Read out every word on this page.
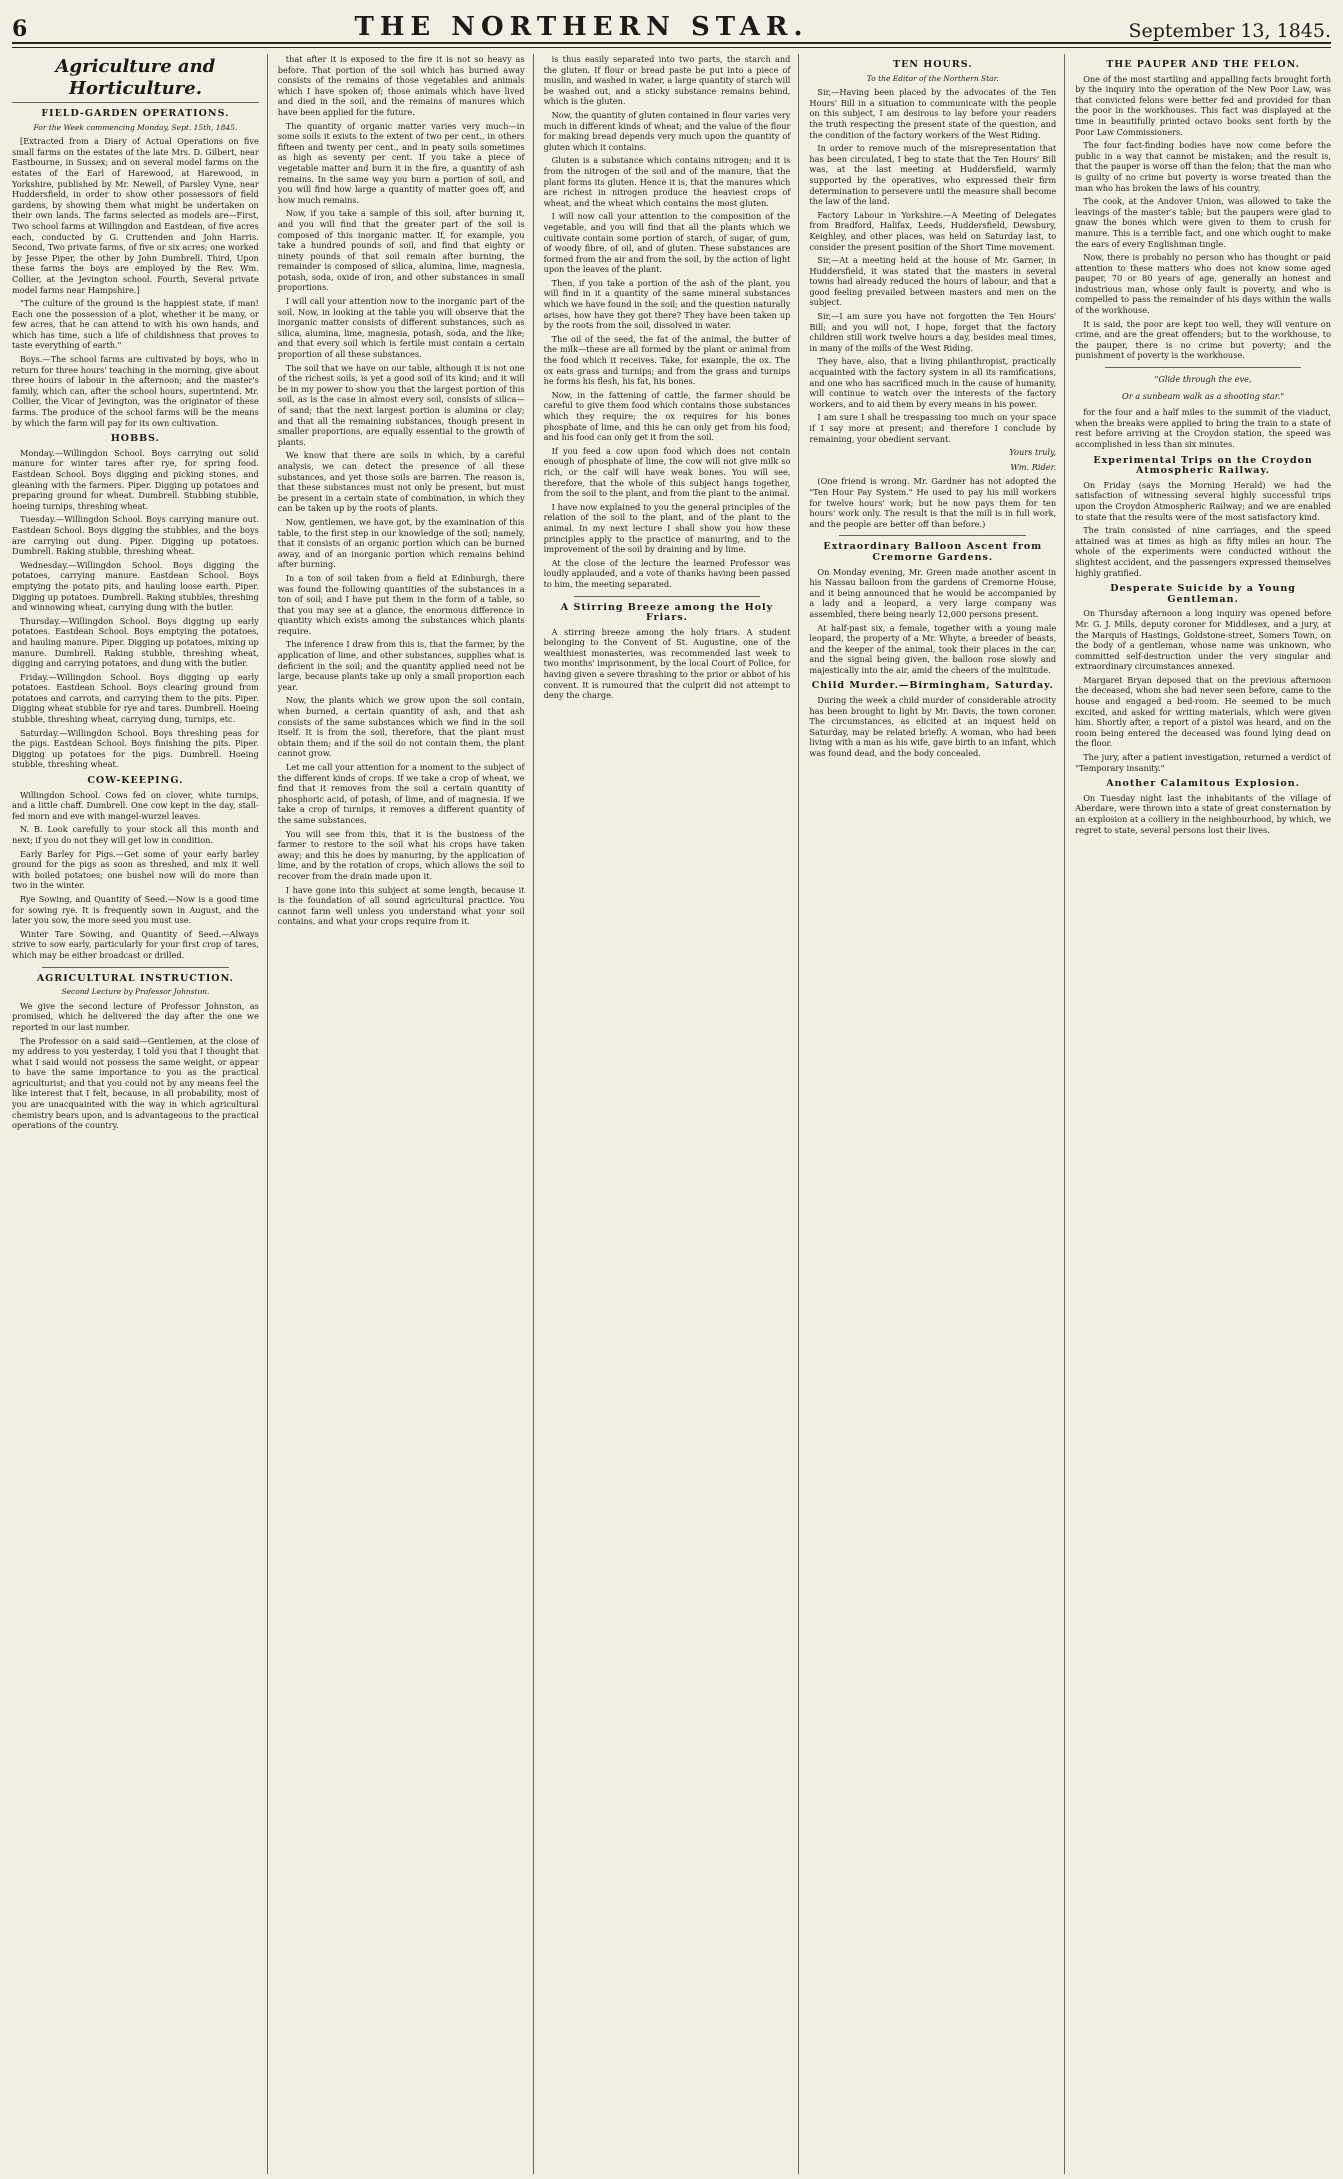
6	THE NORTHERN STAR.	September 13, 1845.
Agriculture and Horticulture.
FIELD-GARDEN OPERATIONS.
For the Week commencing Monday, Sept. 15th, 1845.

[Extracted from a Diary of Actual Operations on five small farms on the estates of the late Mrs. D. Gilbert, near Eastbourne, in Sussex; and on several model farms on the estates of the Earl of Harewood, at Harewood, in Yorkshire, published by Mr. Newell, of Parsley Vyne, near Huddersfield, in order to show other possessors of field gardens, by showing them what might be undertaken on their own lands. The farms selected as models are—First, Two school farms at Willingdon and Eastdean, of five acres each, conducted by G. Cruttenden and John Harris. Second, Two private farms, of five or six acres; one worked by Jesse Piper, the other by John Dumbrell. Third, Upon these farms the boys are employed by the Rev. Wm. Collier, at the Jevington school. Fourth, Several private model farms near Hampshire.]

"The culture of the ground is the happiest state, if man! Each one the possession of a plot, whether it be many, or few acres, that he can attend to with his own hands, and which has time, such a life of childishness that proves to taste everything of earth."

Boys.—The school farms are cultivated by boys, who in return for three hours' teaching in the morning, give about three hours of labour in the afternoon; and the master's family, which can, after the school hours, superintend. Mr. Collier, the Vicar of Jevington, was the originator of these farms. The produce of the school farms will be the means by which the farm will pay for its own cultivation.

HOBBS.

Monday.—Willingdon School. Boys carrying out solid manure for winter tares after rye, for spring food. Eastdean School. Boys digging and picking stones, and gleaning with the farmers. Piper. Digging up potatoes and preparing ground for wheat. Dumbrell. Stubbing stubble, hoeing turnips, threshing wheat.

Tuesday.—Willingdon School. Boys carrying manure out. Eastdean School. Boys digging the stubbles, and the boys are carrying out dung. Piper. Digging up potatoes. Dumbrell. Raking stubble, threshing wheat.

Wednesday.—Willingdon School. Boys digging the potatoes, carrying manure. Eastdean School. Boys emptying the potato pits, and hauling loose earth. Piper. Digging up potatoes. Dumbrell. Raking stubbles, threshing and winnowing wheat, carrying dung with the butler.

Thursday.—Willingdon School. Boys digging up early potatoes. Eastdean School. Boys emptying the potatoes, and hauling manure. Piper. Digging up potatoes, mixing up manure. Dumbrell. Raking stubble, threshing wheat, digging and carrying potatoes, and dung with the butler.

Friday.—Willingdon School. Boys digging up early potatoes. Eastdean School. Boys clearing ground from potatoes and carrots, and carrying them to the pits. Piper. Digging wheat stubble for rye and tares. Dumbrell. Hoeing stubble, threshing wheat, carrying dung, turnips, etc.

Saturday.—Willingdon School. Boys threshing peas for the pigs. Eastdean School. Boys finishing the pits. Piper. Digging up potatoes for the pigs. Dumbrell. Hoeing stubble, threshing wheat.

COW-KEEPING.

Willingdon School. Cows fed on clover, white turnips, and a little chaff. Dumbrell. One cow kept in the day, stall-fed morn and eve with mangel-wurzel leaves.

N. B. Look carefully to your stock all this month and next; if you do not they will get low in condition.

Early Barley for Pigs.—Get some of your early barley ground for the pigs as soon as threshed, and mix it well with boiled potatoes; one bushel now will do more than two in the winter.

Rye Sowing, and Quantity of Seed.—Now is a good time for sowing rye. It is frequently sown in August, and the later you sow, the more seed you must use.

Winter Tare Sowing, and Quantity of Seed.—Always strive to sow early, particularly for your first crop of tares, which may be either broadcast or drilled.

AGRICULTURAL INSTRUCTION.
Second Lecture by Professor Johnston.

We give the second lecture of Professor Johnston, as promised, which he delivered the day after the one we reported in our last number.

The Professor on a said said—Gentlemen, at the close of my address to you yesterday, I told you that I thought that what I said would not possess the same weight, or appear to have the same importance to you as the practical agriculturist; and that you could not by any means feel the like interest that I felt, because, in all probability, most of you are unacquainted with the way in which agricultural chemistry bears upon, and is advantageous to the practical operations of the country.

that after it is exposed to the fire it is not so heavy as before. That portion of the soil which has burned away consists of the remains of those vegetables and animals which I have spoken of; those animals which have lived and died in the soil, and the remains of manures which have been applied for the future.

The quantity of organic matter varies very much—in some soils it exists to the extent of two per cent., in others fifteen and twenty per cent., and in peaty soils sometimes as high as seventy per cent. If you take a piece of vegetable matter and burn it in the fire, a quantity of ash remains. In the same way you burn a portion of soil, and you will find how large a quantity of matter goes off, and how much remains.

Now, if you take a sample of this soil, after burning it, and you will find that the greater part of the soil is composed of this inorganic matter. If, for example, you take a hundred pounds of soil, and find that eighty or ninety pounds of that soil remain after burning, the remainder is composed of silica, alumina, lime, magnesia, potash, soda, oxide of iron, and other substances in small proportions.

I will call your attention now to the inorganic part of the soil. Now, in looking at the table you will observe that the inorganic matter consists of different substances, such as silica, alumina, lime, magnesia, potash, soda, and the like; and that every soil which is fertile must contain a certain proportion of all these substances.

The soil that we have on our table, although it is not one of the richest soils, is yet a good soil of its kind; and it will be in my power to show you that the largest portion of this soil, as is the case in almost every soil, consists of silica—of sand; that the next largest portion is alumina or clay; and that all the remaining substances, though present in smaller proportions, are equally essential to the growth of plants.

We know that there are soils in which, by a careful analysis, we can detect the presence of all these substances, and yet those soils are barren. The reason is, that these substances must not only be present, but must be present in a certain state of combination, in which they can be taken up by the roots of plants.

Now, gentlemen, we have got, by the examination of this table, to the first step in our knowledge of the soil; namely, that it consists of an organic portion which can be burned away, and of an inorganic portion which remains behind after burning.

In a ton of soil taken from a field at Edinburgh, there was found the following quantities of the substances in a ton of soil; and I have put them in the form of a table, so that you may see at a glance, the enormous difference in quantity which exists among the substances which plants require.

The inference I draw from this is, that the farmer, by the application of lime, and other substances, supplies what is deficient in the soil; and the quantity applied need not be large, because plants take up only a small proportion each year.

Now, the plants which we grow upon the soil contain, when burned, a certain quantity of ash, and that ash consists of the same substances which we find in the soil itself. It is from the soil, therefore, that the plant must obtain them; and if the soil do not contain them, the plant cannot grow.

Let me call your attention for a moment to the subject of the different kinds of crops. If we take a crop of wheat, we find that it removes from the soil a certain quantity of phosphoric acid, of potash, of lime, and of magnesia. If we take a crop of turnips, it removes a different quantity of the same substances.

You will see from this, that it is the business of the farmer to restore to the soil what his crops have taken away; and this he does by manuring, by the application of lime, and by the rotation of crops, which allows the soil to recover from the drain made upon it.

I have gone into this subject at some length, because it is the foundation of all sound agricultural practice. You cannot farm well unless you understand what your soil contains, and what your crops require from it.

is thus easily separated into two parts, the starch and the gluten. If flour or bread paste be put into a piece of muslin, and washed in water, a large quantity of starch will be washed out, and a sticky substance remains behind, which is the gluten.

Now, the quantity of gluten contained in flour varies very much in different kinds of wheat; and the value of the flour for making bread depends very much upon the quantity of gluten which it contains.

Gluten is a substance which contains nitrogen; and it is from the nitrogen of the soil and of the manure, that the plant forms its gluten. Hence it is, that the manures which are richest in nitrogen produce the heaviest crops of wheat, and the wheat which contains the most gluten.

I will now call your attention to the composition of the vegetable, and you will find that all the plants which we cultivate contain some portion of starch, of sugar, of gum, of woody fibre, of oil, and of gluten. These substances are formed from the air and from the soil, by the action of light upon the leaves of the plant.

Then, if you take a portion of the ash of the plant, you will find in it a quantity of the same mineral substances which we have found in the soil; and the question naturally arises, how have they got there? They have been taken up by the roots from the soil, dissolved in water.

The oil of the seed, the fat of the animal, the butter of the milk—these are all formed by the plant or animal from the food which it receives. Take, for example, the ox. The ox eats grass and turnips; and from the grass and turnips he forms his flesh, his fat, his bones.

Now, in the fattening of cattle, the farmer should be careful to give them food which contains those substances which they require; the ox requires for his bones phosphate of lime, and this he can only get from his food; and his food can only get it from the soil.

If you feed a cow upon food which does not contain enough of phosphate of lime, the cow will not give milk so rich, or the calf will have weak bones. You will see, therefore, that the whole of this subject hangs together, from the soil to the plant, and from the plant to the animal.

I have now explained to you the general principles of the relation of the soil to the plant, and of the plant to the animal. In my next lecture I shall show you how these principles apply to the practice of manuring, and to the improvement of the soil by draining and by lime.

At the close of the lecture the learned Professor was loudly applauded, and a vote of thanks having been passed to him, the meeting separated.

A Stirring Breeze among the Holy Friars.

A stirring breeze among the holy friars. A student belonging to the Convent of St. Augustine, one of the wealthiest monasteries, was recommended last week to two months' imprisonment, by the local Court of Police, for having given a severe thrashing to the prior or abbot of his convent. It is rumoured that the culprit did not attempt to deny the charge.

TEN HOURS.
To the Editor of the Northern Star.

Sir,—Having been placed by the advocates of the Ten Hours' Bill in a situation to communicate with the people on this subject, I am desirous to lay before your readers the truth respecting the present state of the question, and the condition of the factory workers of the West Riding.

In order to remove much of the misrepresentation that has been circulated, I beg to state that the Ten Hours' Bill was, at the last meeting at Huddersfield, warmly supported by the operatives, who expressed their firm determination to persevere until the measure shall become the law of the land.

Factory Labour in Yorkshire.—A Meeting of Delegates from Bradford, Halifax, Leeds, Huddersfield, Dewsbury, Keighley, and other places, was held on Saturday last, to consider the present position of the Short Time movement.

Sir,—At a meeting held at the house of Mr. Garner, in Huddersfield, it was stated that the masters in several towns had already reduced the hours of labour, and that a good feeling prevailed between masters and men on the subject.

Sir,—I am sure you have not forgotten the Ten Hours' Bill; and you will not, I hope, forget that the factory children still work twelve hours a day, besides meal times, in many of the mills of the West Riding.

They have, also, that a living philanthropist, practically acquainted with the factory system in all its ramifications, and one who has sacrificed much in the cause of humanity, will continue to watch over the interests of the factory workers, and to aid them by every means in his power.

I am sure I shall be trespassing too much on your space if I say more at present; and therefore I conclude by remaining, your obedient servant.

Yours truly,
Wm. Rider.

(One friend is wrong. Mr. Gardner has not adopted the "Ten Hour Pay System." He used to pay his mill workers for twelve hours' work; but he now pays them for ten hours' work only. The result is that the mill is in full work, and the people are better off than before.)

Extraordinary Balloon Ascent from Cremorne Gardens.

On Monday evening, Mr. Green made another ascent in his Nassau balloon from the gardens of Cremorne House, and it being announced that he would be accompanied by a lady and a leopard, a very large company was assembled, there being nearly 12,000 persons present.

At half-past six, a female, together with a young male leopard, the property of a Mr. Whyte, a breeder of beasts, and the keeper of the animal, took their places in the car, and the signal being given, the balloon rose slowly and majestically into the air, amid the cheers of the multitude.

Child Murder.—Birmingham, Saturday.

During the week a child murder of considerable atrocity has been brought to light by Mr. Davis, the town coroner. The circumstances, as elicited at an inquest held on Saturday, may be related briefly. A woman, who had been living with a man as his wife, gave birth to an infant, which was found dead, and the body concealed.

THE PAUPER AND THE FELON.

One of the most startling and appalling facts brought forth by the inquiry into the operation of the New Poor Law, was that convicted felons were better fed and provided for than the poor in the workhouses. This fact was displayed at the time in beautifully printed octavo books sent forth by the Poor Law Commissioners.

The four fact-finding bodies have now come before the public in a way that cannot be mistaken; and the result is, that the pauper is worse off than the felon; that the man who is guilty of no crime but poverty is worse treated than the man who has broken the laws of his country.

The cook, at the Andover Union, was allowed to take the leavings of the master's table; but the paupers were glad to gnaw the bones which were given to them to crush for manure. This is a terrible fact, and one which ought to make the ears of every Englishman tingle.

Now, there is probably no person who has thought or paid attention to these matters who does not know some aged pauper, 70 or 80 years of age, generally an honest and industrious man, whose only fault is poverty, and who is compelled to pass the remainder of his days within the walls of the workhouse.

It is said, the poor are kept too well, they will venture on crime, and are the great offenders; but to the workhouse, to the pauper, there is no crime but poverty; and the punishment of poverty is the workhouse.

"Glide through the eve,
Or a sunbeam walk as a shooting star."

for the four and a half miles to the summit of the viaduct, when the breaks were applied to bring the train to a state of rest before arriving at the Croydon station, the speed was accomplished in less than six minutes.

Experimental Trips on the Croydon Atmospheric Railway.

On Friday (says the Morning Herald) we had the satisfaction of witnessing several highly successful trips upon the Croydon Atmospheric Railway; and we are enabled to state that the results were of the most satisfactory kind.

The train consisted of nine carriages, and the speed attained was at times as high as fifty miles an hour. The whole of the experiments were conducted without the slightest accident, and the passengers expressed themselves highly gratified.

Desperate Suicide by a Young Gentleman.

On Thursday afternoon a long inquiry was opened before Mr. G. J. Mills, deputy coroner for Middlesex, and a jury, at the Marquis of Hastings, Goldstone-street, Somers Town, on the body of a gentleman, whose name was unknown, who committed self-destruction under the very singular and extraordinary circumstances annexed.

Margaret Bryan deposed that on the previous afternoon the deceased, whom she had never seen before, came to the house and engaged a bed-room. He seemed to be much excited, and asked for writing materials, which were given him. Shortly after, a report of a pistol was heard, and on the room being entered the deceased was found lying dead on the floor.

The jury, after a patient investigation, returned a verdict of "Temporary insanity."

Another Calamitous Explosion.

On Tuesday night last the inhabitants of the village of Aberdare, were thrown into a state of great consternation by an explosion at a colliery in the neighbourhood, by which, we regret to state, several persons lost their lives.
